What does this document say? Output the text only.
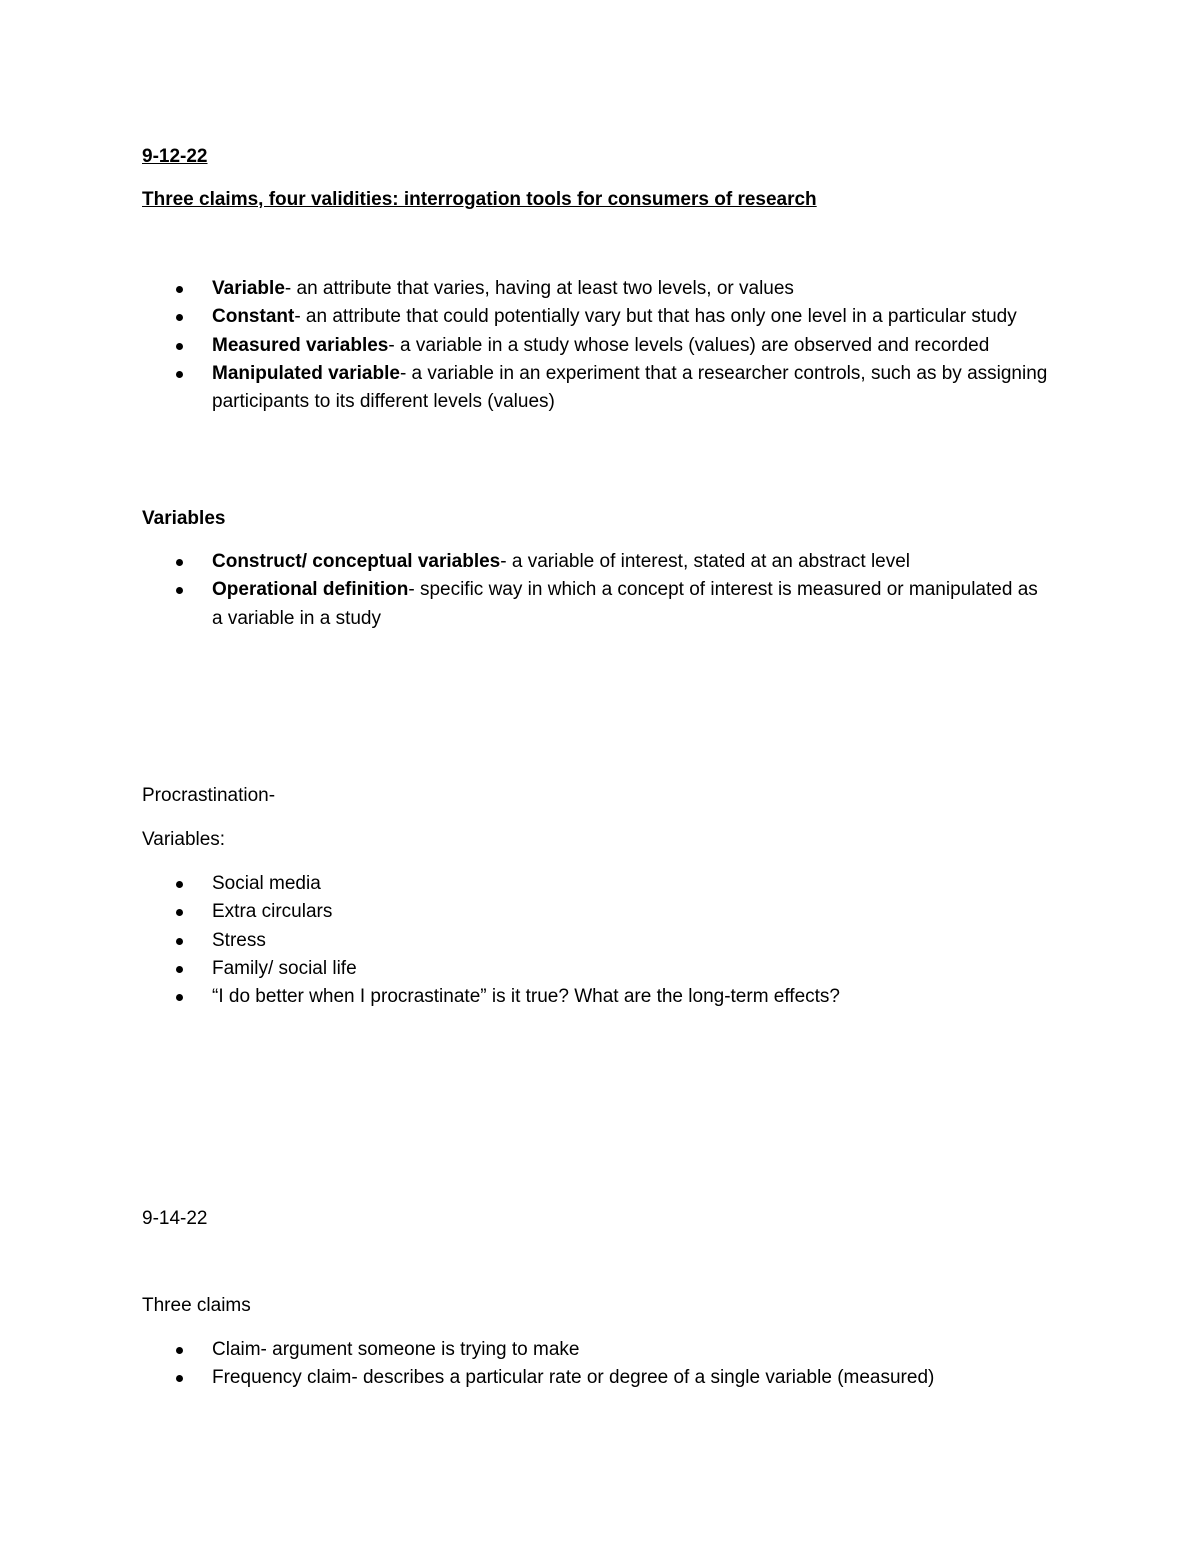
9-12-22

Three claims, four validities: interrogation tools for consumers of research

Variable- an attribute that varies, having at least two levels, or values
Constant- an attribute that could potentially vary but that has only one level in a particular study
Measured variables- a variable in a study whose levels (values) are observed and recorded
Manipulated variable- a variable in an experiment that a researcher controls, such as by assigning participants to its different levels (values)

Variables

Construct/ conceptual variables- a variable of interest, stated at an abstract level
Operational definition- specific way in which a concept of interest is measured or manipulated as a variable in a study

Procrastination-

Variables:

Social media
Extra circulars
Stress
Family/ social life
“I do better when I procrastinate” is it true? What are the long-term effects?

9-14-22

Three claims

Claim- argument someone is trying to make
Frequency claim- describes a particular rate or degree of a single variable (measured)
